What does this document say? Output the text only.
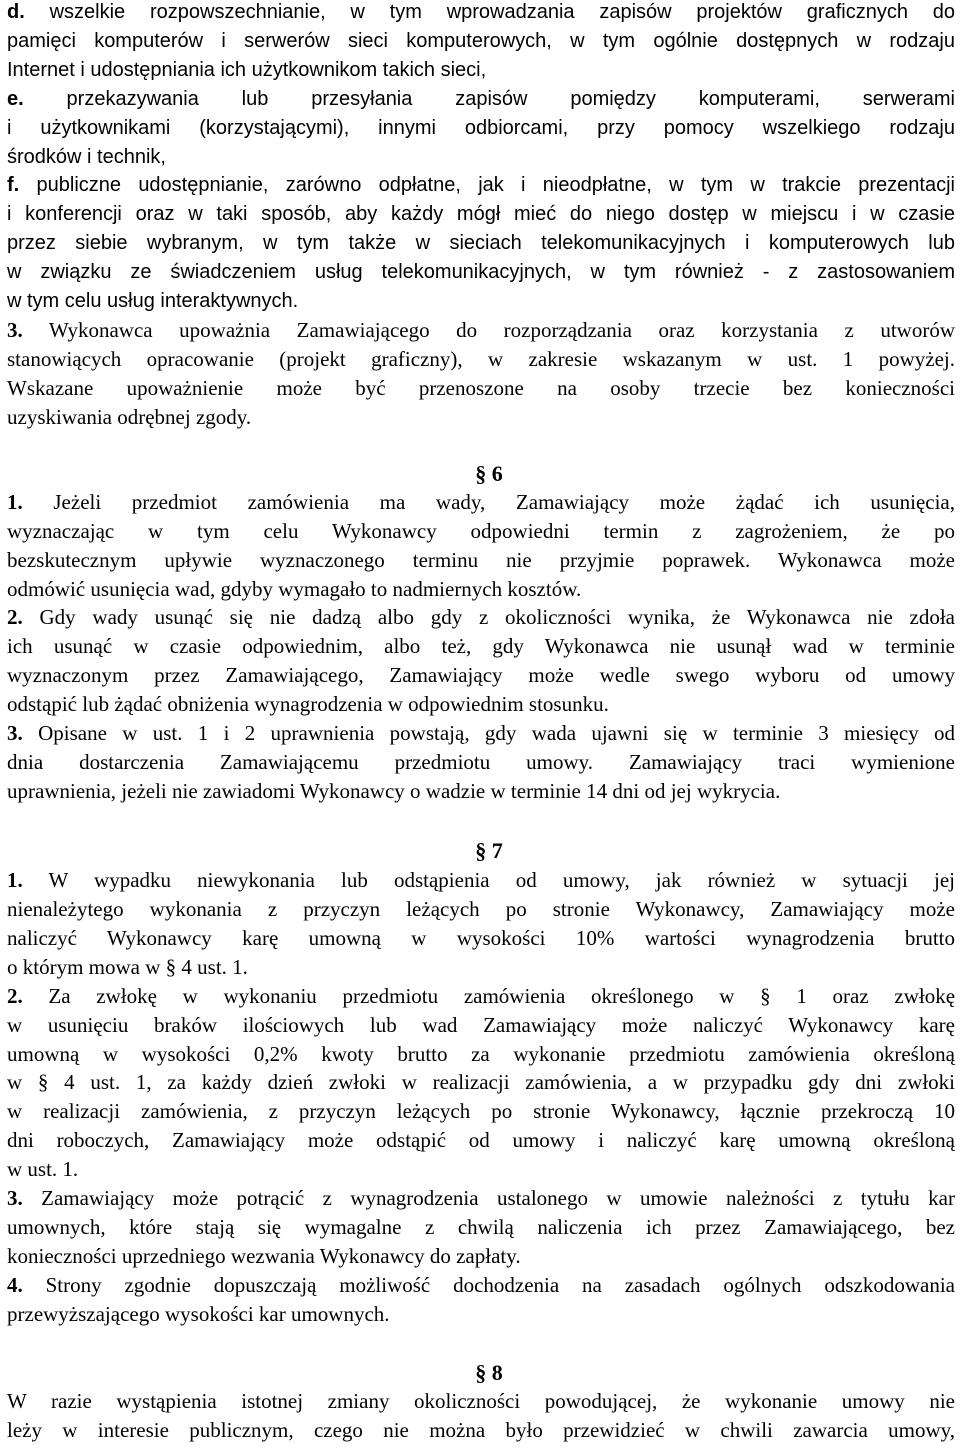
d. wszelkie rozpowszechnianie, w tym wprowadzania zapisów projektów graficznych do
pamięci komputerów i serwerów sieci komputerowych, w tym ogólnie dostępnych w rodzaju
Internet i udostępniania ich użytkownikom takich sieci,
e. przekazywania lub przesyłania zapisów pomiędzy komputerami, serwerami
i użytkownikami (korzystającymi), innymi odbiorcami, przy pomocy wszelkiego rodzaju
środków i technik,
f. publiczne udostępnianie, zarówno odpłatne, jak i nieodpłatne, w tym w trakcie prezentacji
i konferencji oraz w taki sposób, aby każdy mógł mieć do niego dostęp w miejscu i w czasie
przez siebie wybranym, w tym także w sieciach telekomunikacyjnych i komputerowych lub
w związku ze świadczeniem usług telekomunikacyjnych, w tym również - z zastosowaniem
w tym celu usług interaktywnych.
3. Wykonawca upoważnia Zamawiającego do rozporządzania oraz korzystania z utworów
stanowiących opracowanie (projekt graficzny), w zakresie wskazanym w ust. 1 powyżej.
Wskazane upoważnienie może być przenoszone na osoby trzecie bez konieczności
uzyskiwania odrębnej zgody.
§ 6
1. Jeżeli przedmiot zamówienia ma wady, Zamawiający może żądać ich usunięcia,
wyznaczając w tym celu Wykonawcy odpowiedni termin z zagrożeniem, że po
bezskutecznym upływie wyznaczonego terminu nie przyjmie poprawek. Wykonawca może
odmówić usunięcia wad, gdyby wymagało to nadmiernych kosztów.
2. Gdy wady usunąć się nie dadzą albo gdy z okoliczności wynika, że Wykonawca nie zdoła
ich usunąć w czasie odpowiednim, albo też, gdy Wykonawca nie usunął wad w terminie
wyznaczonym przez Zamawiającego, Zamawiający może wedle swego wyboru od umowy
odstąpić lub żądać obniżenia wynagrodzenia w odpowiednim stosunku.
3. Opisane w ust. 1 i 2 uprawnienia powstają, gdy wada ujawni się w terminie 3 miesięcy od
dnia dostarczenia Zamawiającemu przedmiotu umowy. Zamawiający traci wymienione
uprawnienia, jeżeli nie zawiadomi Wykonawcy o wadzie w terminie 14 dni od jej wykrycia.
§ 7
1. W wypadku niewykonania lub odstąpienia od umowy, jak również w sytuacji jej
nienależytego wykonania z przyczyn leżących po stronie Wykonawcy, Zamawiający może
naliczyć Wykonawcy karę umowną w wysokości 10% wartości wynagrodzenia brutto
o którym mowa w § 4 ust. 1.
2. Za zwłokę w wykonaniu przedmiotu zamówienia określonego w § 1 oraz zwłokę
w usunięciu braków ilościowych lub wad Zamawiający może naliczyć Wykonawcy karę
umowną w wysokości 0,2% kwoty brutto za wykonanie przedmiotu zamówienia określoną
w § 4 ust. 1, za każdy dzień zwłoki w realizacji zamówienia, a w przypadku gdy dni zwłoki
w realizacji zamówienia, z przyczyn leżących po stronie Wykonawcy, łącznie przekroczą 10
dni roboczych, Zamawiający może odstąpić od umowy i naliczyć karę umowną określoną
w ust. 1.
3. Zamawiający może potrącić z wynagrodzenia ustalonego w umowie należności z tytułu kar
umownych, które stają się wymagalne z chwilą naliczenia ich przez Zamawiającego, bez
konieczności uprzedniego wezwania Wykonawcy do zapłaty.
4. Strony zgodnie dopuszczają możliwość dochodzenia na zasadach ogólnych odszkodowania
przewyższającego wysokości kar umownych.
§ 8
W razie wystąpienia istotnej zmiany okoliczności powodującej, że wykonanie umowy nie
leży w interesie publicznym, czego nie można było przewidzieć w chwili zawarcia umowy,
